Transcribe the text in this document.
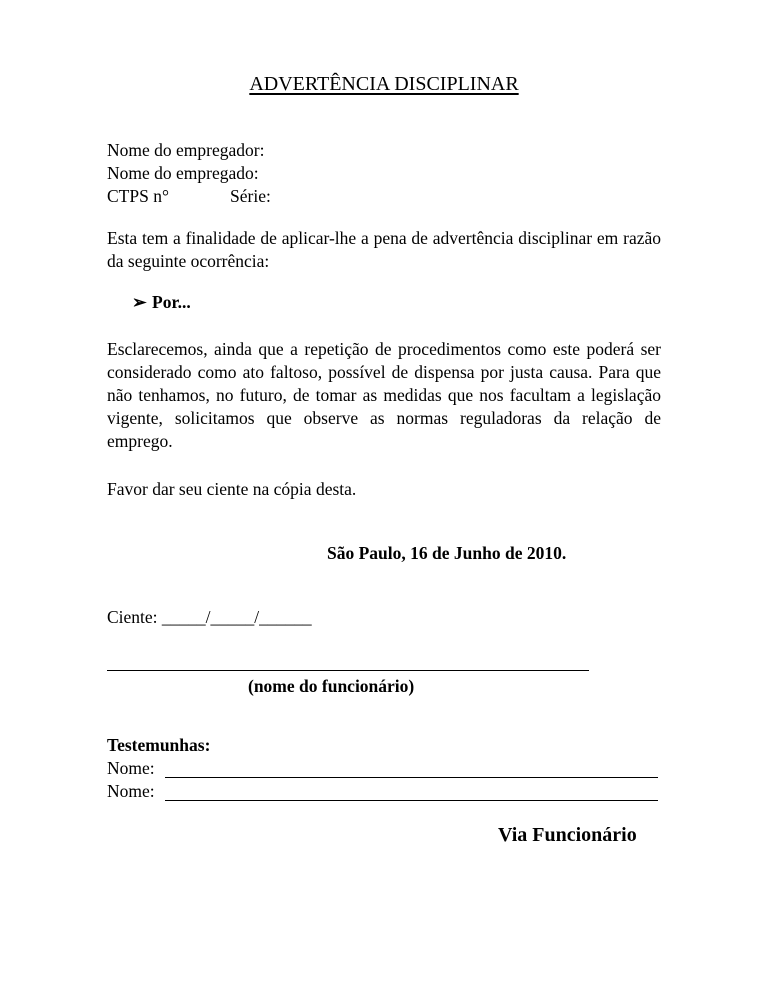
ADVERTÊNCIA DISCIPLINAR
Nome do empregador:
Nome do empregado:
CTPS n°	Série:
Esta tem a finalidade de aplicar-lhe a pena de advertência disciplinar em razão da seguinte ocorrência:
➢ Por...
Esclarecemos, ainda que a repetição de procedimentos como este poderá ser considerado como ato faltoso, possível de dispensa por justa causa. Para que não tenhamos, no futuro, de tomar as medidas que nos facultam a legislação vigente, solicitamos que observe as normas reguladoras da relação de emprego.
Favor dar seu ciente na cópia desta.
São Paulo, 16 de Junho de 2010.
Ciente: _____/_____/______
(nome do funcionário)
Testemunhas:
Nome:
Nome:
Via Funcionário
